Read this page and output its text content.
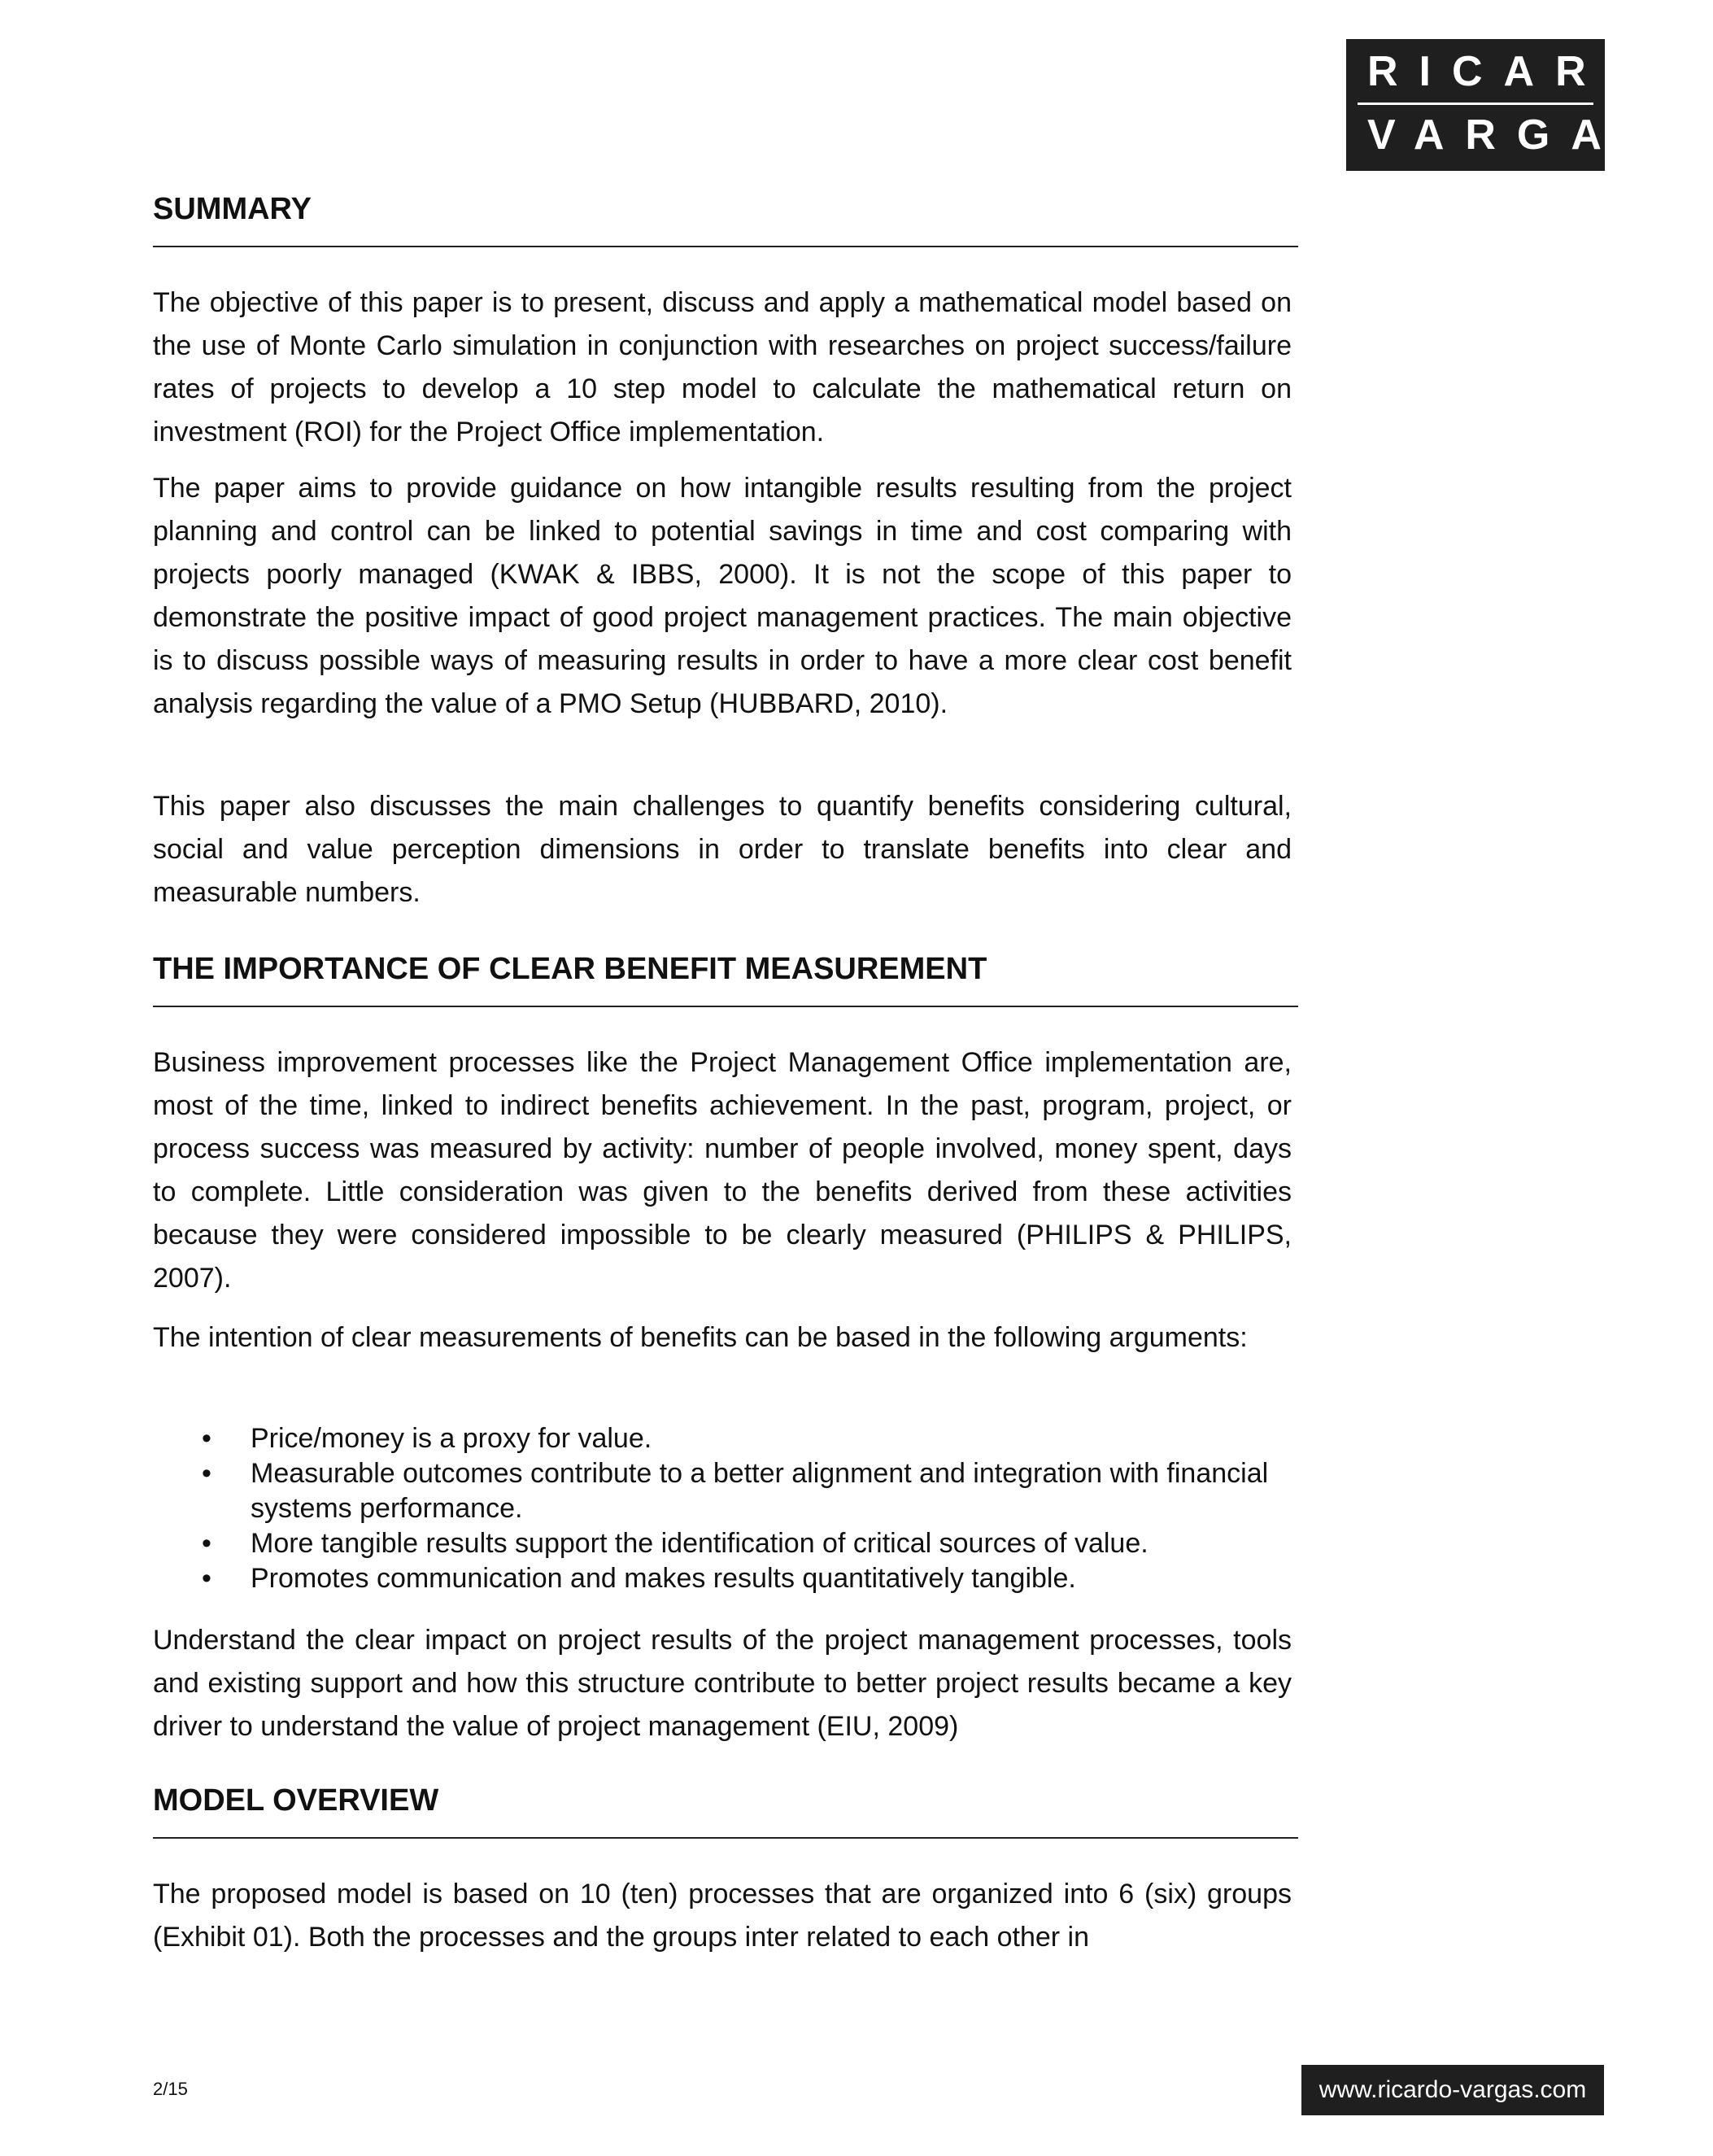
RICARDO
VARGAS
SUMMARY

The objective of this paper is to present, discuss and apply a mathematical model based on the use of Monte Carlo simulation in conjunction with researches on project success/failure rates of projects to develop a 10 step model to calculate the mathematical return on investment (ROI) for the Project Office implementation.

The paper aims to provide guidance on how intangible results resulting from the project planning and control can be linked to potential savings in time and cost comparing with projects poorly managed (KWAK & IBBS, 2000). It is not the scope of this paper to demonstrate the positive impact of good project management practices. The main objective is to discuss possible ways of measuring results in order to have a more clear cost benefit analysis regarding the value of a PMO Setup (HUBBARD, 2010).

This paper also discusses the main challenges to quantify benefits considering cultural, social and value perception dimensions in order to translate benefits into clear and measurable numbers.

THE IMPORTANCE OF CLEAR BENEFIT MEASUREMENT

Business improvement processes like the Project Management Office implementation are, most of the time, linked to indirect benefits achievement. In the past, program, project, or process success was measured by activity: number of people involved, money spent, days to complete. Little consideration was given to the benefits derived from these activities because they were considered impossible to be clearly measured (PHILIPS & PHILIPS, 2007).

The intention of clear measurements of benefits can be based in the following arguments:

• Price/money is a proxy for value.
• Measurable outcomes contribute to a better alignment and integration with financial systems performance.
• More tangible results support the identification of critical sources of value.
• Promotes communication and makes results quantitatively tangible.

Understand the clear impact on project results of the project management processes, tools and existing support and how this structure contribute to better project results became a key driver to understand the value of project management (EIU, 2009)

MODEL OVERVIEW

The proposed model is based on 10 (ten) processes that are organized into 6 (six) groups (Exhibit 01). Both the processes and the groups inter related to each other in

2/15	www.ricardo-vargas.com
